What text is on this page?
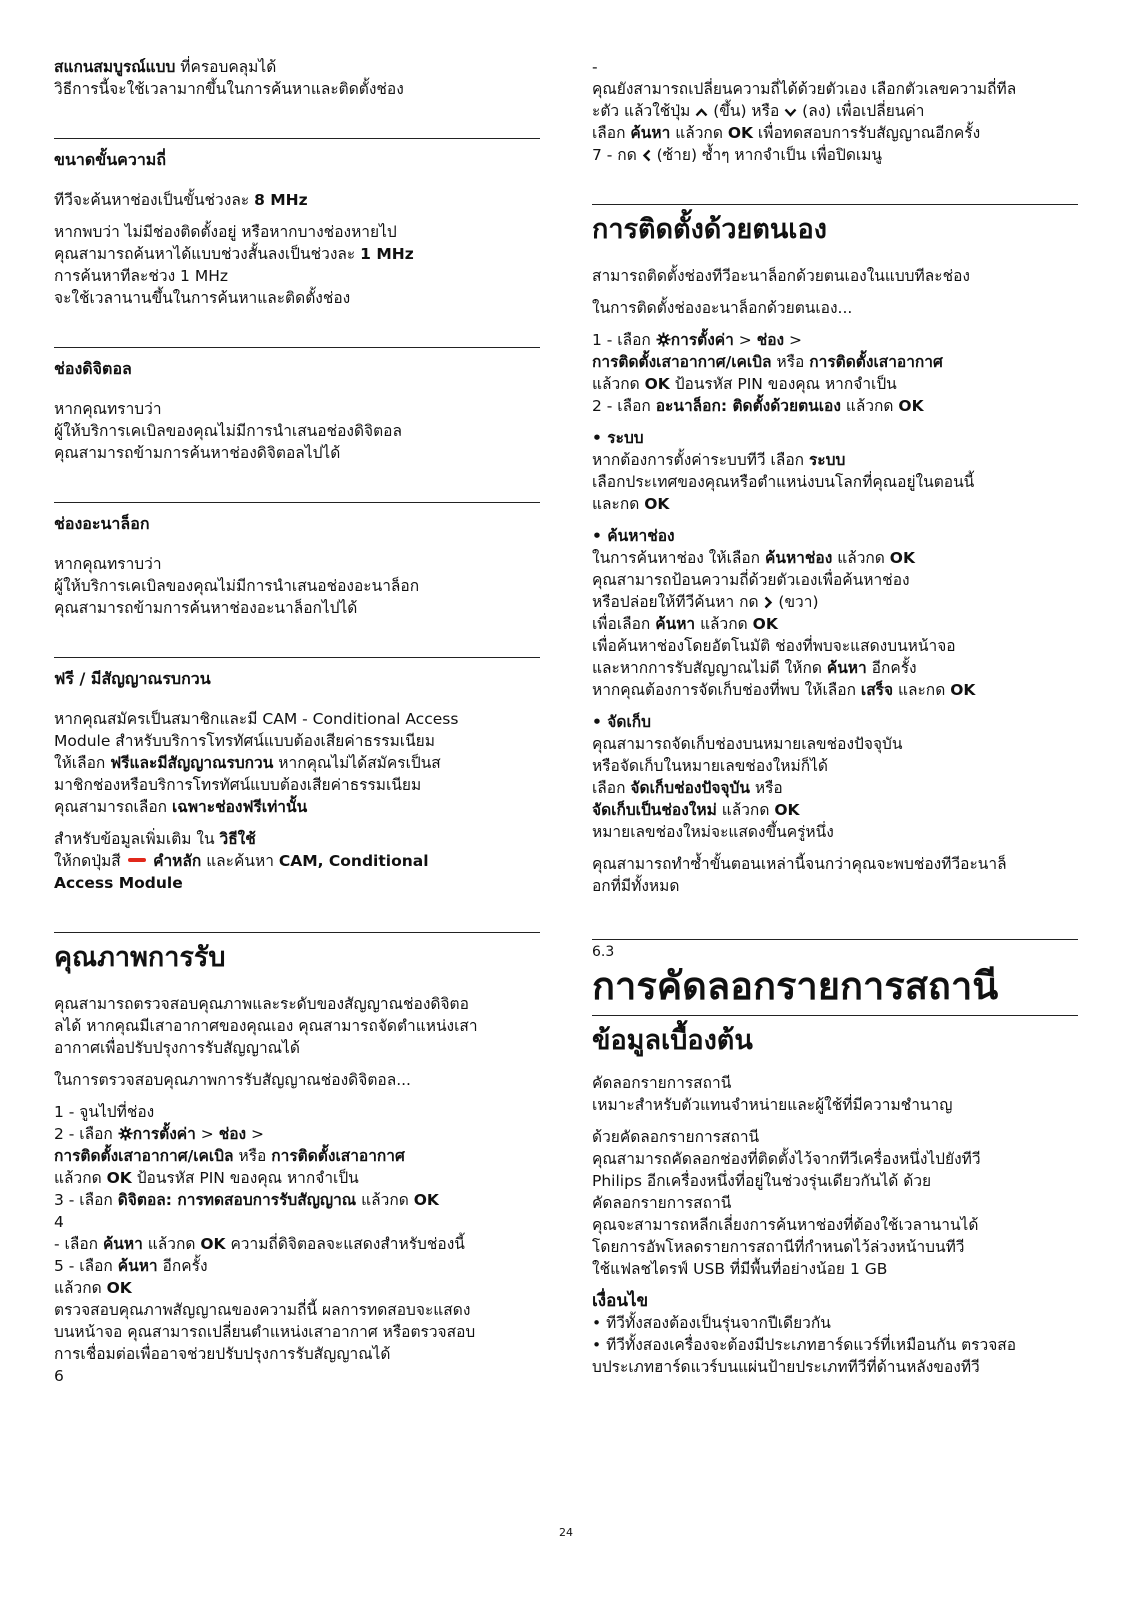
สแกนสมบูรณ์แบบ ที่ครอบคลุมได้
วิธีการนี้จะใช้เวลามากขึ้นในการค้นหาและติดตั้งช่อง

ขนาดขั้นความถี่

ทีวีจะค้นหาช่องเป็นขั้นช่วงละ 8 MHz

หากพบว่า ไม่มีช่องติดตั้งอยู่ หรือหากบางช่องหายไป
คุณสามารถค้นหาได้แบบช่วงสั้นลงเป็นช่วงละ 1 MHz
การค้นหาทีละช่วง 1 MHz
จะใช้เวลานานขึ้นในการค้นหาและติดตั้งช่อง

ช่องดิจิตอล

หากคุณทราบว่า
ผู้ให้บริการเคเบิลของคุณไม่มีการนำเสนอช่องดิจิตอล
คุณสามารถข้ามการค้นหาช่องดิจิตอลไปได้

ช่องอะนาล็อก

หากคุณทราบว่า
ผู้ให้บริการเคเบิลของคุณไม่มีการนำเสนอช่องอะนาล็อก
คุณสามารถข้ามการค้นหาช่องอะนาล็อกไปได้

ฟรี / มีสัญญาณรบกวน

หากคุณสมัครเป็นสมาชิกและมี CAM - Conditional Access
Module สำหรับบริการโทรทัศน์แบบต้องเสียค่าธรรมเนียม
ให้เลือก ฟรีและมีสัญญาณรบกวน หากคุณไม่ได้สมัครเป็นส
มาชิกช่องหรือบริการโทรทัศน์แบบต้องเสียค่าธรรมเนียม
คุณสามารถเลือก เฉพาะช่องฟรีเท่านั้น

สำหรับข้อมูลเพิ่มเติม ใน วิธีใช้
ให้กดปุ่มสี  คำหลัก และค้นหา CAM, Conditional
Access Module

คุณภาพการรับ

คุณสามารถตรวจสอบคุณภาพและระดับของสัญญาณช่องดิจิตอ
ลได้ หากคุณมีเสาอากาศของคุณเอง คุณสามารถจัดตำแหน่งเสา
อากาศเพื่อปรับปรุงการรับสัญญาณได้

ในการตรวจสอบคุณภาพการรับสัญญาณช่องดิจิตอล...

1 - จูนไปที่ช่อง
2 - เลือก การตั้งค่า > ช่อง >
การติดตั้งเสาอากาศ/เคเบิล หรือ การติดตั้งเสาอากาศ
แล้วกด OK ป้อนรหัส PIN ของคุณ หากจำเป็น
3 - เลือก ดิจิตอล: การทดสอบการรับสัญญาณ แล้วกด OK
4
- เลือก ค้นหา แล้วกด OK ความถี่ดิจิตอลจะแสดงสำหรับช่องนี้
5 - เลือก ค้นหา อีกครั้ง
แล้วกด OK
ตรวจสอบคุณภาพสัญญาณของความถี่นี้ ผลการทดสอบจะแสดง
บนหน้าจอ คุณสามารถเปลี่ยนตำแหน่งเสาอากาศ หรือตรวจสอบ
การเชื่อมต่อเพื่ออาจช่วยปรับปรุงการรับสัญญาณได้
6

-
คุณยังสามารถเปลี่ยนความถี่ได้ด้วยตัวเอง เลือกตัวเลขความถี่ทีล
ะตัว แล้วใช้ปุ่ม  (ขึ้น) หรือ  (ลง) เพื่อเปลี่ยนค่า
เลือก ค้นหา แล้วกด OK เพื่อทดสอบการรับสัญญาณอีกครั้ง
7 - กด  (ซ้าย) ซ้ำๆ หากจำเป็น เพื่อปิดเมนู

การติดตั้งด้วยตนเอง

สามารถติดตั้งช่องทีวีอะนาล็อกด้วยตนเองในแบบทีละช่อง

ในการติดตั้งช่องอะนาล็อกด้วยตนเอง...

1 - เลือก การตั้งค่า > ช่อง >
การติดตั้งเสาอากาศ/เคเบิล หรือ การติดตั้งเสาอากาศ
แล้วกด OK ป้อนรหัส PIN ของคุณ หากจำเป็น
2 - เลือก อะนาล็อก: ติดตั้งด้วยตนเอง แล้วกด OK

• ระบบ
หากต้องการตั้งค่าระบบทีวี เลือก ระบบ
เลือกประเทศของคุณหรือตำแหน่งบนโลกที่คุณอยู่ในตอนนี้
และกด OK

• ค้นหาช่อง
ในการค้นหาช่อง ให้เลือก ค้นหาช่อง แล้วกด OK
คุณสามารถป้อนความถี่ด้วยตัวเองเพื่อค้นหาช่อง
หรือปล่อยให้ทีวีค้นหา กด  (ขวา)
เพื่อเลือก ค้นหา แล้วกด OK
เพื่อค้นหาช่องโดยอัตโนมัติ ช่องที่พบจะแสดงบนหน้าจอ
และหากการรับสัญญาณไม่ดี ให้กด ค้นหา อีกครั้ง
หากคุณต้องการจัดเก็บช่องที่พบ ให้เลือก เสร็จ และกด OK

• จัดเก็บ
คุณสามารถจัดเก็บช่องบนหมายเลขช่องปัจจุบัน
หรือจัดเก็บในหมายเลขช่องใหม่ก็ได้
เลือก จัดเก็บช่องปัจจุบัน หรือ
จัดเก็บเป็นช่องใหม่ แล้วกด OK
หมายเลขช่องใหม่จะแสดงขึ้นครู่หนึ่ง

คุณสามารถทำซ้ำขั้นตอนเหล่านี้จนกว่าคุณจะพบช่องทีวีอะนาล็
อกที่มีทั้งหมด

6.3

การคัดลอกรายการสถานี

ข้อมูลเบื้องต้น

คัดลอกรายการสถานี
เหมาะสำหรับตัวแทนจำหน่ายและผู้ใช้ที่มีความชำนาญ

ด้วยคัดลอกรายการสถานี
คุณสามารถคัดลอกช่องที่ติดตั้งไว้จากทีวีเครื่องหนึ่งไปยังทีวี
Philips อีกเครื่องหนึ่งที่อยู่ในช่วงรุ่นเดียวกันได้ ด้วย
คัดลอกรายการสถานี
คุณจะสามารถหลีกเลี่ยงการค้นหาช่องที่ต้องใช้เวลานานได้
โดยการอัพโหลดรายการสถานีที่กำหนดไว้ล่วงหน้าบนทีวี
ใช้แฟลชไดรฟ์ USB ที่มีพื้นที่อย่างน้อย 1 GB

เงื่อนไข
• ทีวีทั้งสองต้องเป็นรุ่นจากปีเดียวกัน
• ทีวีทั้งสองเครื่องจะต้องมีประเภทฮาร์ดแวร์ที่เหมือนกัน ตรวจสอ
บประเภทฮาร์ดแวร์บนแผ่นป้ายประเภททีวีที่ด้านหลังของทีวี

24
